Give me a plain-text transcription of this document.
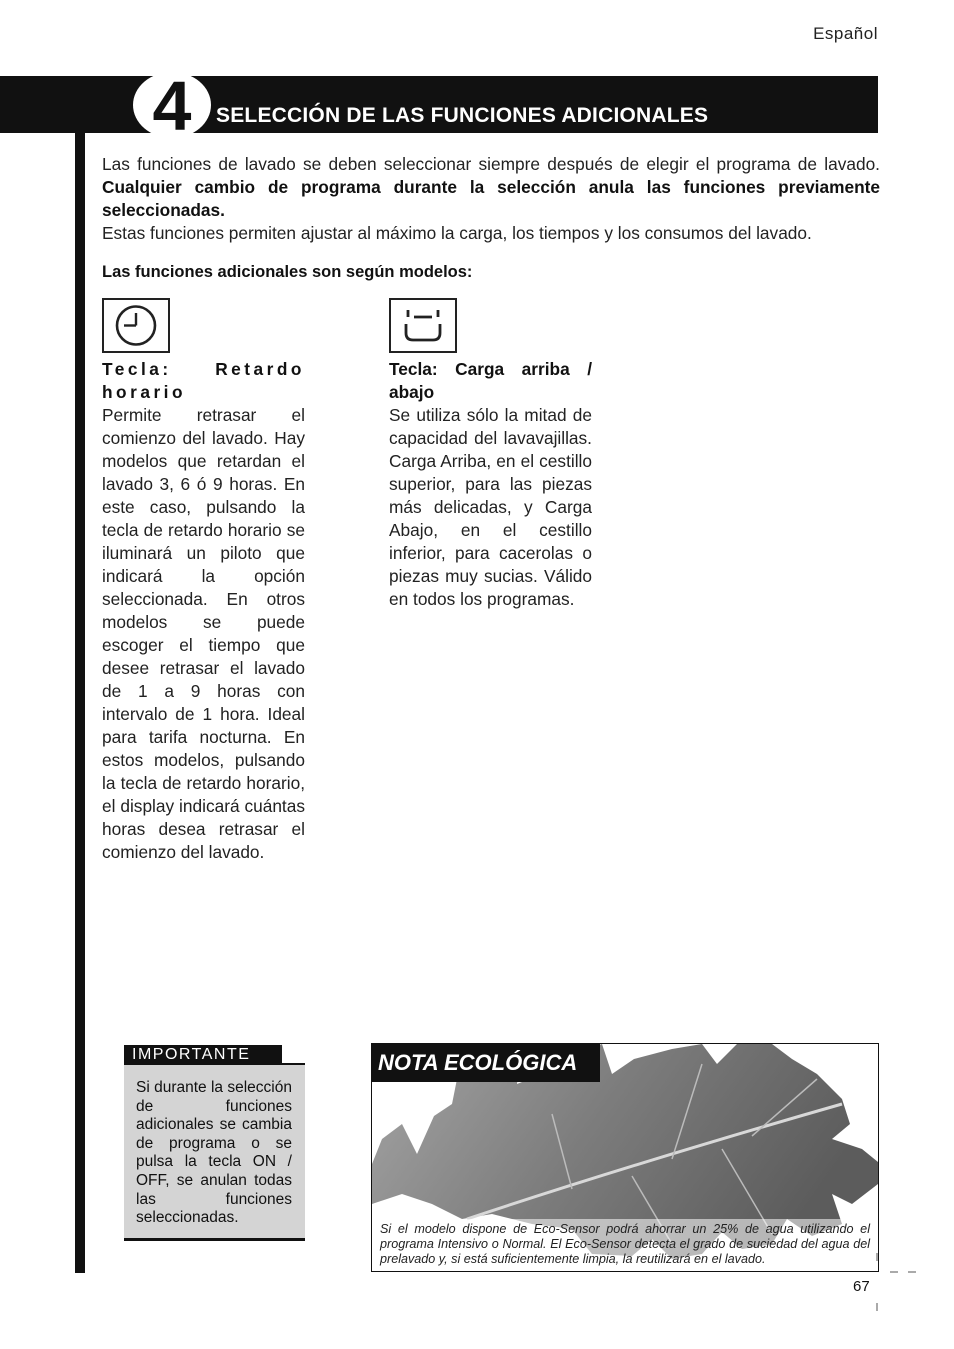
Español
4	SELECCIÓN DE LAS FUNCIONES ADICIONALES

Las funciones de lavado se deben seleccionar siempre después de elegir el programa de lavado. Cualquier cambio de programa durante la selección anula las funciones previamente seleccionadas.

Estas funciones permiten ajustar al máximo la carga, los tiempos y los consumos del lavado.

Las funciones adicionales son según modelos:
Tecla: Retardo horario

Permite retrasar el comienzo del lavado. Hay modelos que retardan el lavado 3, 6 ó 9 horas. En este caso, pulsando la tecla de retardo horario se iluminará un piloto que indicará la opción seleccionada. En otros modelos se puede escoger el tiempo que desee retrasar el lavado de 1 a 9 horas con intervalo de 1 hora. Ideal para tarifa nocturna. En estos modelos, pulsando la tecla de retardo horario, el display indicará cuántas horas desea retrasar el comienzo del lavado.

Tecla: Carga arriba / abajo

Se utiliza sólo la mitad de capacidad del lavavajillas. Carga Arriba, en el cestillo superior, para las piezas más delicadas, y Carga Abajo, en el cestillo inferior, para cacerolas o piezas muy sucias. Válido en todos los programas.

IMPORTANTE
Si durante la selección de funciones adicionales se cambia de programa o se pulsa la tecla ON / OFF, se anulan todas las funciones seleccionadas.
NOTA ECOLÓGICA
Si el modelo dispone de Eco-Sensor podrá ahorrar un 25% de agua utilizando el programa Intensivo o Normal. El Eco-Sensor detecta el grado de suciedad del agua del prelavado y, si está suficientemente limpia, la reutilizará en el lavado.
67
